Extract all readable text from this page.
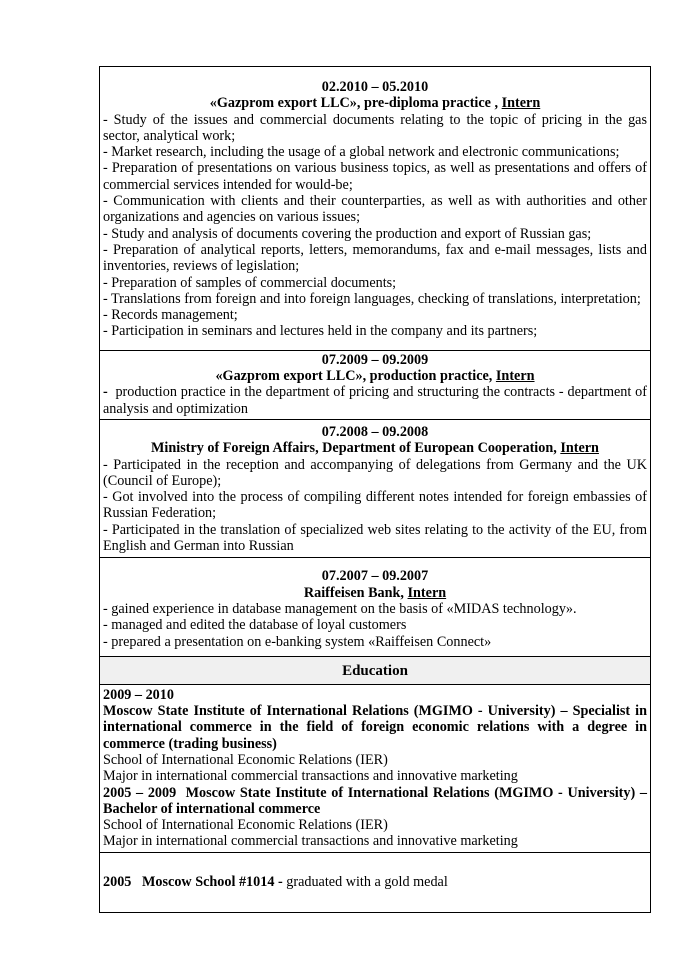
02.2010 – 05.2010
«Gazprom export LLC», pre-diploma practice , Intern
- Study of the issues and commercial documents relating to the topic of pricing in the gas sector, analytical work;
- Market research, including the usage of a global network and electronic communications;
- Preparation of presentations on various business topics, as well as presentations and offers of commercial services intended for would-be;
- Communication with clients and their counterparties, as well as with authorities and other organizations and agencies on various issues;
- Study and analysis of documents covering the production and export of Russian gas;
- Preparation of analytical reports, letters, memorandums, fax and e-mail messages, lists and inventories, reviews of legislation;
- Preparation of samples of commercial documents;
- Translations from foreign and into foreign languages, checking of translations, interpretation;
- Records management;
- Participation in seminars and lectures held in the company and its partners;
07.2009 – 09.2009
«Gazprom export LLC», production practice, Intern
-  production practice in the department of pricing and structuring the contracts - department of analysis and optimization
07.2008 – 09.2008
Ministry of Foreign Affairs, Department of European Cooperation, Intern
- Participated in the reception and accompanying of delegations from Germany and the UK (Council of Europe);
- Got involved into the process of compiling different notes intended for foreign embassies of Russian Federation;
- Participated in the translation of specialized web sites relating to the activity of the EU, from English and German into Russian
07.2007 – 09.2007
Raiffeisen Bank, Intern
- gained experience in database management on the basis of «MIDAS technology».
- managed and edited the database of loyal customers
- prepared a presentation on e-banking system «Raiffeisen Connect»
Education
2009 – 2010
Moscow State Institute of International Relations (MGIMO - University) – Specialist in international commerce in the field of foreign economic relations with a degree in commerce (trading business)
School of International Economic Relations (IER)
Major in international commercial transactions and innovative marketing
2005 – 2009  Moscow State Institute of International Relations (MGIMO - University) – Bachelor of international commerce
School of International Economic Relations (IER)
Major in international commercial transactions and innovative marketing
2005   Moscow School #1014 - graduated with a gold medal
